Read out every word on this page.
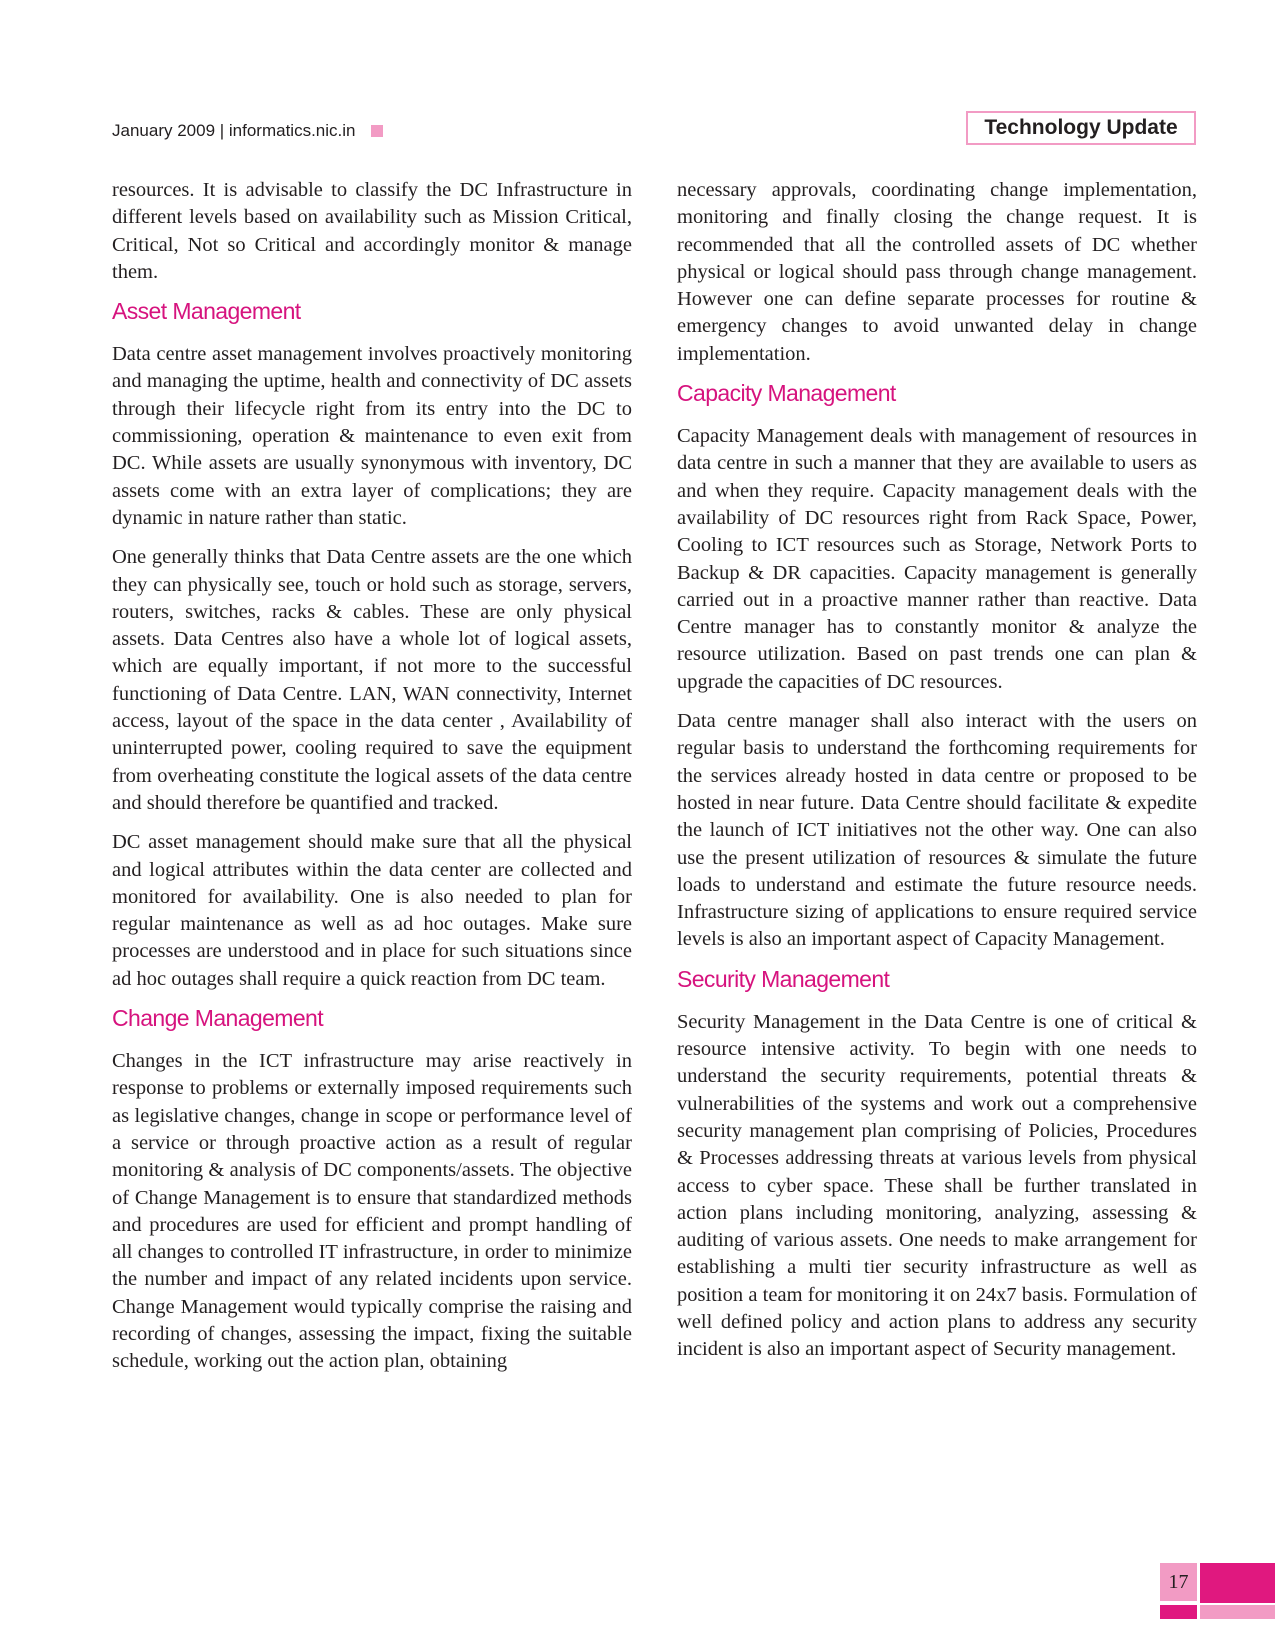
January 2009 | informatics.nic.in	Technology Update

resources. It is advisable to classify the DC Infrastructure in different levels based on availability such as Mission Critical, Critical, Not so Critical and accordingly monitor & manage them.

Asset Management

Data centre asset management involves proactively monitoring and managing the uptime, health and connectivity of DC assets through their lifecycle right from its entry into the DC to commissioning, operation & maintenance to even exit from DC. While assets are usually synonymous with inventory, DC assets come with an extra layer of complications; they are dynamic in nature rather than static.

One generally thinks that Data Centre assets are the one which they can physically see, touch or hold such as storage, servers, routers, switches, racks & cables. These are only physical assets. Data Centres also have a whole lot of logical assets, which are equally important, if not more to the successful functioning of Data Centre. LAN, WAN connectivity, Internet access, layout of the space in the data center , Availability of uninterrupted power, cooling required to save the equipment from overheating constitute the logical assets of the data centre and should therefore be quantified and tracked.

DC asset management should make sure that all the physical and logical attributes within the data center are collected and monitored for availability. One is also needed to plan for regular maintenance as well as ad hoc outages. Make sure processes are understood and in place for such situations since ad hoc outages shall require a quick reaction from DC team.

Change Management

Changes in the ICT infrastructure may arise reactively in response to problems or externally imposed requirements such as legislative changes, change in scope or performance level of a service or through proactive action as a result of regular monitoring & analysis of DC components/assets. The objective of Change Management is to ensure that standardized methods and procedures are used for efficient and prompt handling of all changes to controlled IT infrastructure, in order to minimize the number and impact of any related incidents upon service. Change Management would typically comprise the raising and recording of changes, assessing the impact, fixing the suitable schedule, working out the action plan, obtaining

necessary approvals, coordinating change implementation, monitoring and finally closing the change request. It is recommended that all the controlled assets of DC whether physical or logical should pass through change management. However one can define separate processes for routine & emergency changes to avoid unwanted delay in change implementation.

Capacity Management

Capacity Management deals with management of resources in data centre in such a manner that they are available to users as and when they require. Capacity management deals with the availability of DC resources right from Rack Space, Power, Cooling to ICT resources such as Storage, Network Ports to Backup & DR capacities. Capacity management is generally carried out in a proactive manner rather than reactive. Data Centre manager has to constantly monitor & analyze the resource utilization. Based on past trends one can plan & upgrade the capacities of DC resources.

Data centre manager shall also interact with the users on regular basis to understand the forthcoming requirements for the services already hosted in data centre or proposed to be hosted in near future. Data Centre should facilitate & expedite the launch of ICT initiatives not the other way. One can also use the present utilization of resources & simulate the future loads to understand and estimate the future resource needs. Infrastructure sizing of applications to ensure required service levels is also an important aspect of Capacity Management.

Security Management

Security Management in the Data Centre is one of critical & resource intensive activity. To begin with one needs to understand the security requirements, potential threats & vulnerabilities of the systems and work out a comprehensive security management plan comprising of Policies, Procedures & Processes addressing threats at various levels from physical access to cyber space. These shall be further translated in action plans including monitoring, analyzing, assessing & auditing of various assets. One needs to make arrangement for establishing a multi tier security infrastructure as well as position a team for monitoring it on 24x7 basis. Formulation of well defined policy and action plans to address any security incident is also an important aspect of Security management.

17
